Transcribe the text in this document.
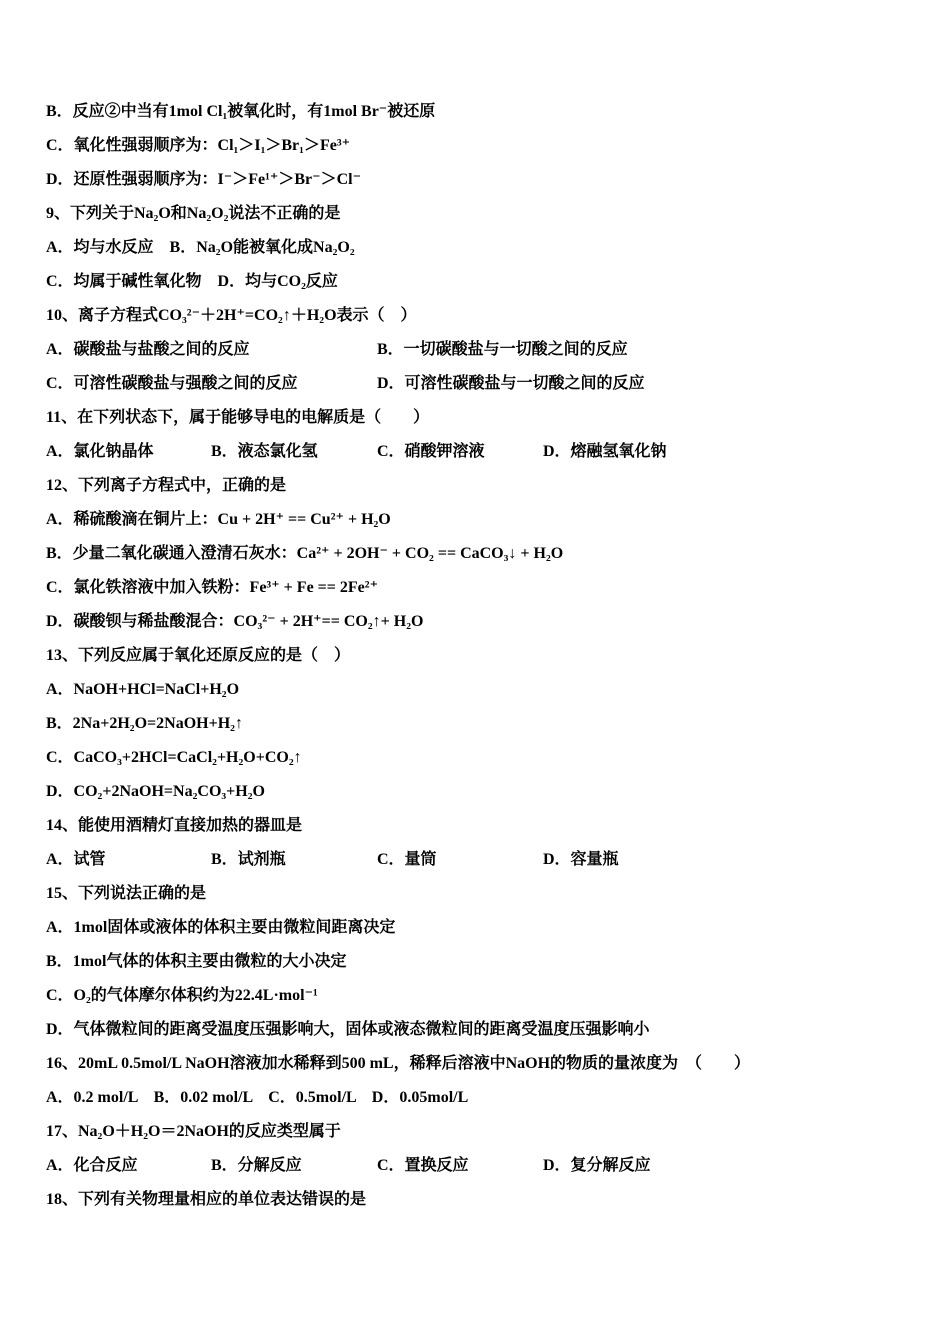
B．反应②中当有1mol Cl₁被氧化时，有1mol Br⁻被还原
C．氧化性强弱顺序为：Cl₁＞I₁＞Br₁＞Fe³⁺
D．还原性强弱顺序为：I⁻＞Fe¹⁺＞Br⁻＞Cl⁻
9、下列关于Na₂O和Na₂O₂说法不正确的是
A．均与水反应　B．Na₂O能被氧化成Na₂O₂
C．均属于碱性氧化物　D．均与CO₂反应
10、离子方程式CO₃²⁻＋2H⁺=CO₂↑＋H₂O表示（　）
A．碳酸盐与盐酸之间的反应	B．一切碳酸盐与一切酸之间的反应
C．可溶性碳酸盐与强酸之间的反应	D．可溶性碳酸盐与一切酸之间的反应
11、在下列状态下，属于能够导电的电解质是（　　）
A．氯化钠晶体	B．液态氯化氢	C．硝酸钾溶液	D．熔融氢氧化钠
12、下列离子方程式中，正确的是
A．稀硫酸滴在铜片上：Cu + 2H⁺ == Cu²⁺ + H₂O
B．少量二氧化碳通入澄清石灰水：Ca²⁺ + 2OH⁻ + CO₂ == CaCO₃↓ + H₂O
C．氯化铁溶液中加入铁粉：Fe³⁺ + Fe == 2Fe²⁺
D．碳酸钡与稀盐酸混合：CO₃²⁻ + 2H⁺== CO₂↑+ H₂O
13、下列反应属于氧化还原反应的是（　）
A．NaOH+HCl=NaCl+H₂O
B．2Na+2H₂O=2NaOH+H₂↑
C．CaCO₃+2HCl=CaCl₂+H₂O+CO₂↑
D．CO₂+2NaOH=Na₂CO₃+H₂O
14、能使用酒精灯直接加热的器皿是
A．试管	B．试剂瓶	C．量筒	D．容量瓶
15、下列说法正确的是
A．1mol固体或液体的体积主要由微粒间距离决定
B．1mol气体的体积主要由微粒的大小决定
C．O₂的气体摩尔体积约为22.4L·mol⁻¹
D．气体微粒间的距离受温度压强影响大，固体或液态微粒间的距离受温度压强影响小
16、20mL 0.5mol/L NaOH溶液加水稀释到500 mL，稀释后溶液中NaOH的物质的量浓度为　（　　）
A．0.2 mol/L　B．0.02 mol/L　C．0.5mol/L　D．0.05mol/L
17、Na₂O＋H₂O＝2NaOH的反应类型属于
A．化合反应	B．分解反应	C．置换反应	D．复分解反应
18、下列有关物理量相应的单位表达错误的是
